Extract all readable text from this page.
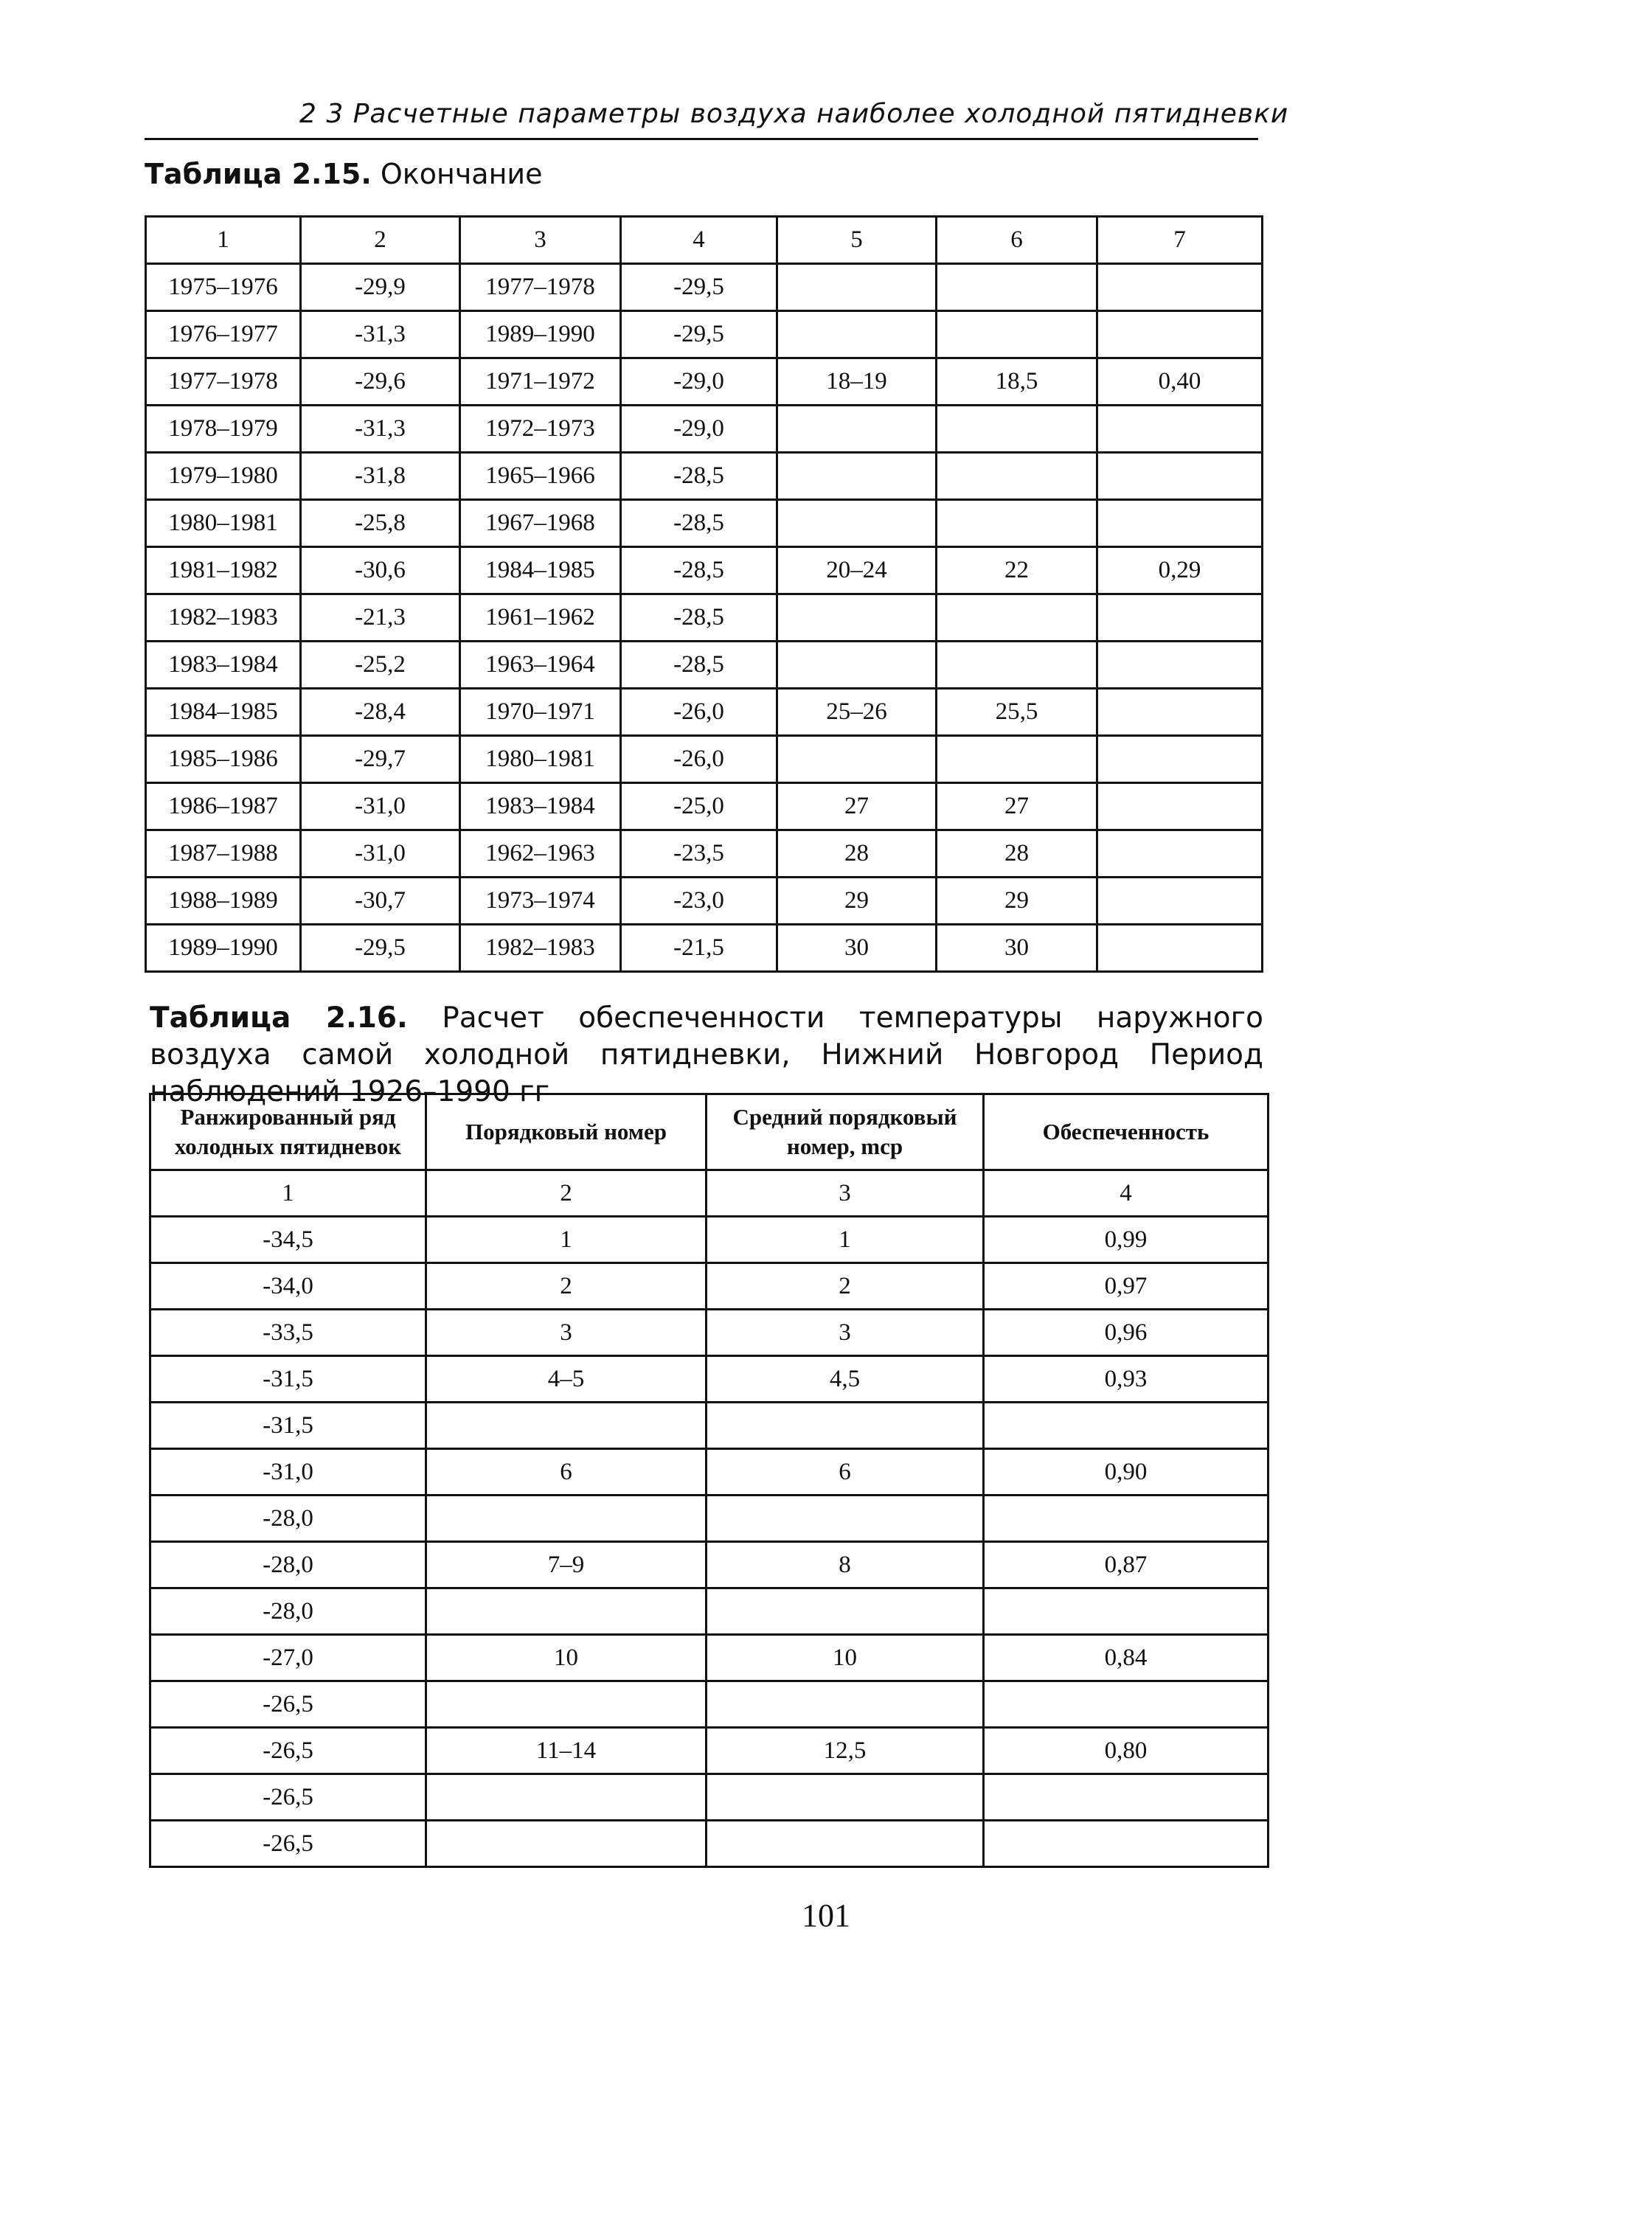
2 3 Расчетные параметры воздуха наиболее холодной пятидневки
Таблица 2.15. Окончание
1	2	3	4	5	6	7
1975–1976	-29,9	1977–1978	-29,5			
1976–1977	-31,3	1989–1990	-29,5			
1977–1978	-29,6	1971–1972	-29,0	18–19	18,5	0,40
1978–1979	-31,3	1972–1973	-29,0			
1979–1980	-31,8	1965–1966	-28,5			
1980–1981	-25,8	1967–1968	-28,5			
1981–1982	-30,6	1984–1985	-28,5	20–24	22	0,29
1982–1983	-21,3	1961–1962	-28,5			
1983–1984	-25,2	1963–1964	-28,5			
1984–1985	-28,4	1970–1971	-26,0	25–26	25,5	
1985–1986	-29,7	1980–1981	-26,0			
1986–1987	-31,0	1983–1984	-25,0	27	27	
1987–1988	-31,0	1962–1963	-23,5	28	28	
1988–1989	-30,7	1973–1974	-23,0	29	29	
1989–1990	-29,5	1982–1983	-21,5	30	30	
Таблица 2.16. Расчет обеспеченности температуры наружного воздуха самой холодной пятидневки, Нижний Новгород Период наблюдений 1926–1990 гг
Ранжированный ряд холодных пятидневок	Порядковый номер	Средний порядковый номер, mср	Обеспеченность
1	2	3	4
-34,5	1	1	0,99
-34,0	2	2	0,97
-33,5	3	3	0,96
-31,5	4–5	4,5	0,93
-31,5			
-31,0	6	6	0,90
-28,0			
-28,0	7–9	8	0,87
-28,0			
-27,0	10	10	0,84
-26,5			
-26,5	11–14	12,5	0,80
-26,5			
-26,5			
101
